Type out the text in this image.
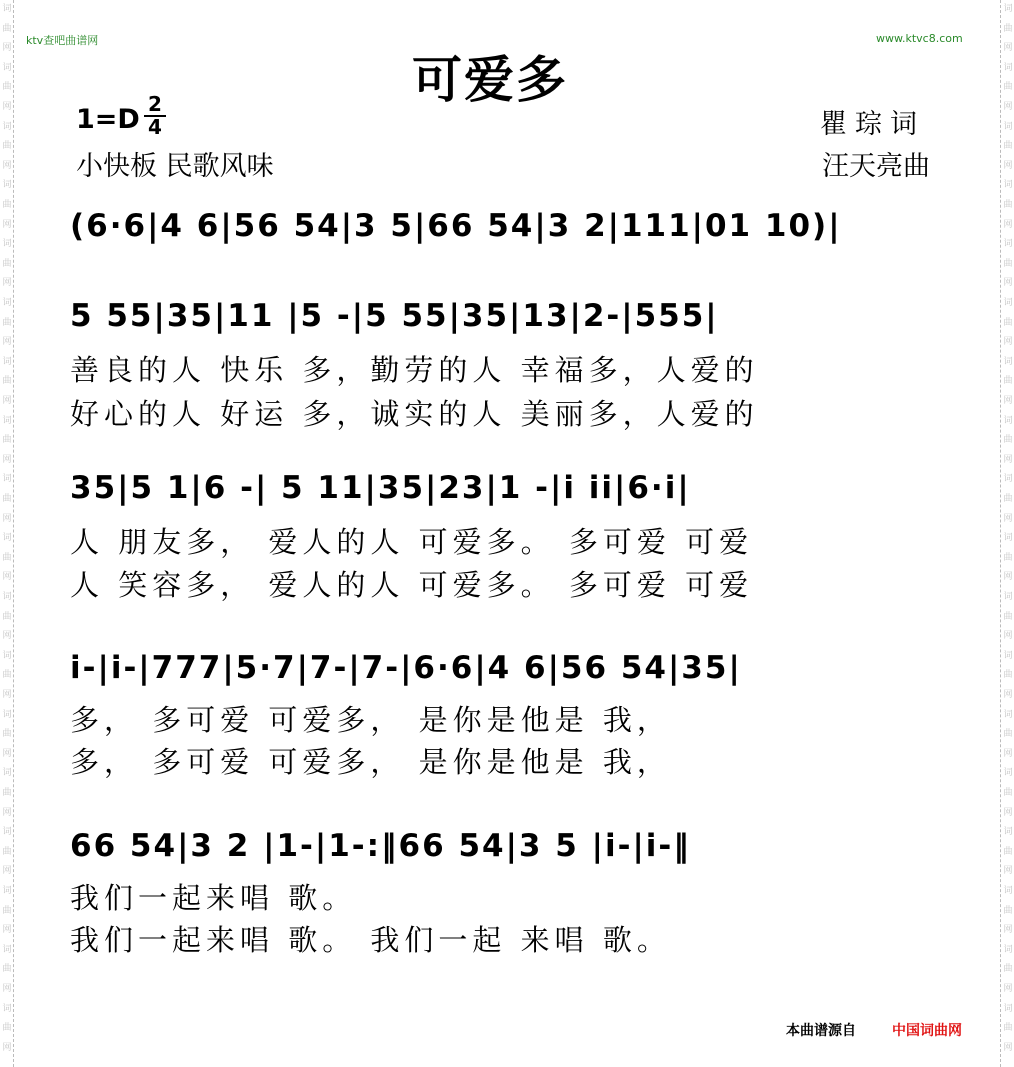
词
曲
网
词
曲
网
词
曲
网
词
曲
网
词
曲
网
词
曲
网
词
曲
网
词
曲
网
词
曲
网
词
曲
网
词
曲
网
词
曲
网
词
曲
网
词
曲
网
词
曲
网
词
曲
网
词
曲
网
词
曲
网
词
曲
网
词
曲
网
词
曲
网
词
曲
网
词
曲
网
词
曲
网
词
曲
网
词
曲
网
词
曲
网
词
曲
网
词
曲
网
词
曲
网
词
曲
网
词
曲
网
词
曲
网
词
曲
网
词
曲
网
词
曲
网
ktv查吧曲谱网	www.ktvc8.com
可爱多
$1=D \frac{2}{4}$
小快板 民歌风味
瞿琮词
汪天亮曲
(6·6|4 6|56 54|3 5|66 54|3 2|111|01 10)|
5 55|35|11 |5 -|5 55|35|13|2-|555|
善良的人 快乐 多，勤劳的人 幸福多，人爱的
好心的人 好运 多，诚实的人 美丽多，人爱的
35|5 1|6 -| 5 11|35|23|1 -|i ii|6·i|
人 朋友多， 爱人的人 可爱多。 多可爱 可爱
人 笑容多， 爱人的人 可爱多。 多可爱 可爱
i-|i-|777|5·7|7-|7-|6·6|4 6|56 54|35|
多， 多可爱 可爱多， 是你是他是 我，
多， 多可爱 可爱多， 是你是他是 我，
66 54|3 2 |1-|1-:‖66 54|3 5 |i-|i-‖
我们一起来唱 歌。
我们一起来唱 歌。 我们一起 来唱 歌。
本曲谱源自	中国词曲网
